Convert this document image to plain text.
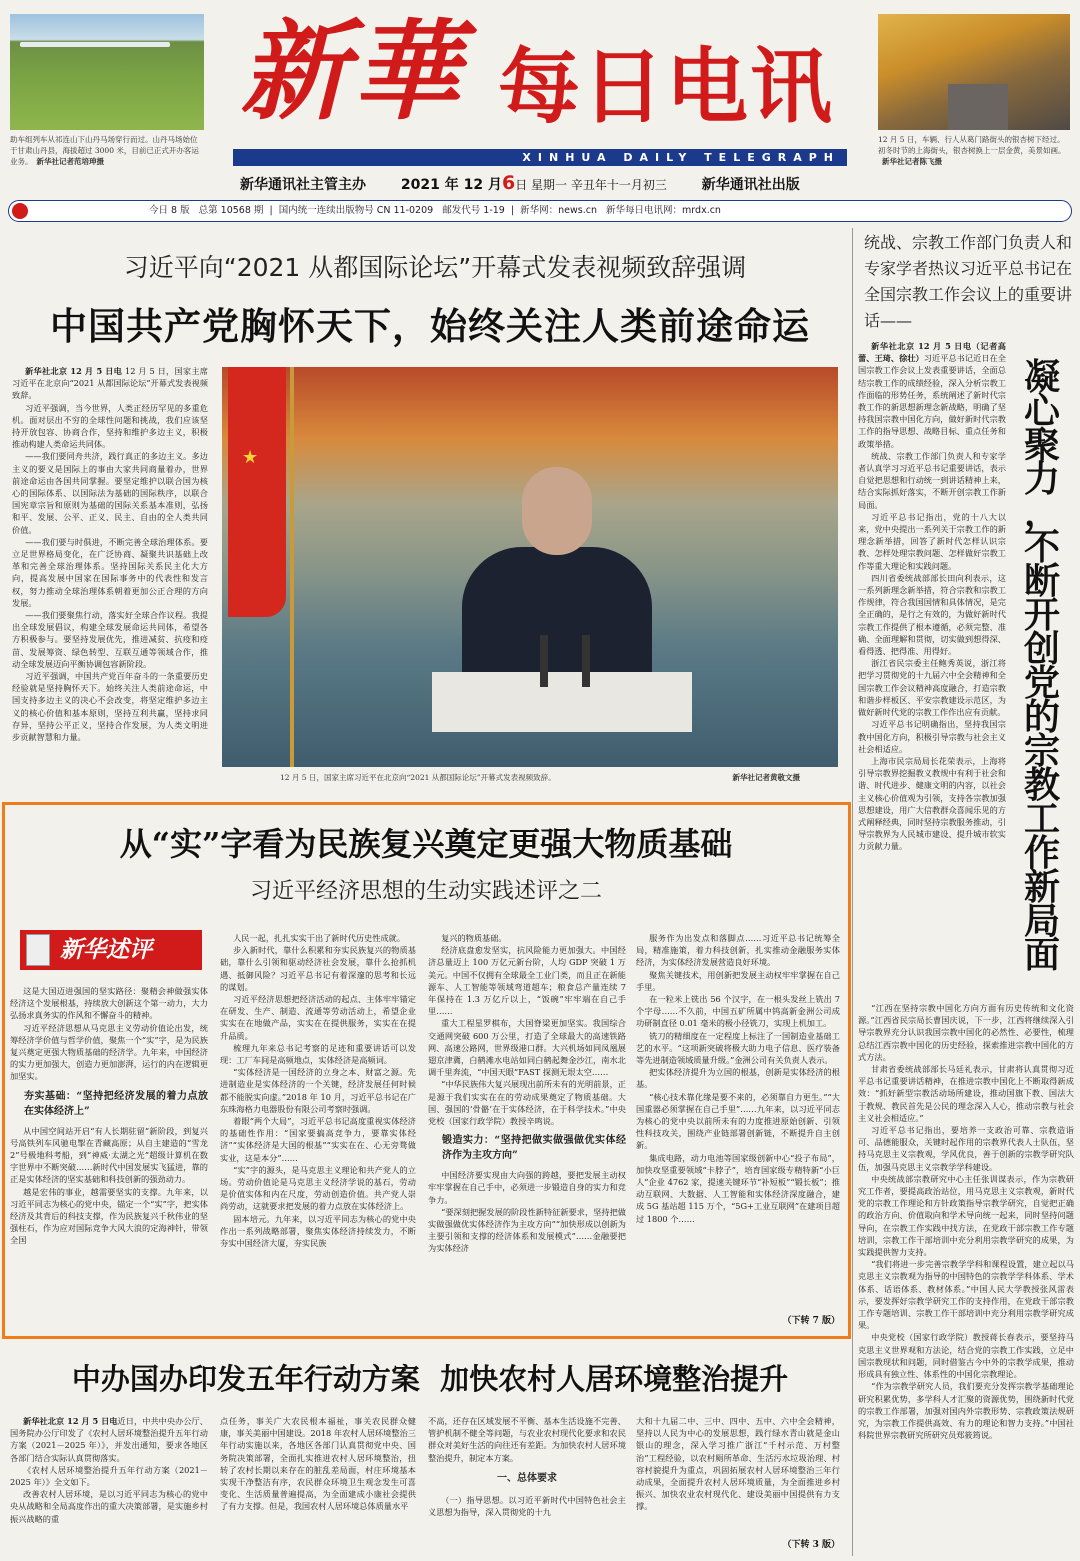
助车组列车从祁连山下山丹马场穿行而过。山丹马场始位于甘肃山丹县，海拔超过 3000 米，目前已正式开办客运业务。 新华社记者范培珅摄
新 華 每日电讯
XINHUA DAILY TELEGRAPH
新华通讯社主管主办 2021 年 12 月6日 星期一 辛丑年十一月初三 新华通讯社出版
12 月 5 日，车辆、行人从葛门路街头的银杏树下经过。初冬时节的上海街头，银杏树换上一层金黄，美景如画。新华社记者陈飞摄
今日 8 版 总第 10568 期  |  国内统一连续出版物号 CN 11-0209 邮发代号 1-19  |  新华网：news.cn 新华每日电讯网：mrdx.cn
习近平向“2021 从都国际论坛”开幕式发表视频致辞强调
中国共产党胸怀天下，始终关注人类前途命运

新华社北京 12 月 5 日电 12 月 5 日，国家主席习近平在北京向“2021 从都国际论坛”开幕式发表视频致辞。

习近平强调，当今世界，人类正经历罕见的多重危机。面对层出不穷的全球性问题和挑战，我们应该坚持开放包容、协商合作，坚持和维护多边主义，积极推动构建人类命运共同体。

——我们要同舟共济，践行真正的多边主义。多边主义的要义是国际上的事由大家共同商量着办，世界前途命运由各国共同掌握。要坚定维护以联合国为核心的国际体系、以国际法为基础的国际秩序，以联合国宪章宗旨和原则为基础的国际关系基本准则，弘扬和平、发展、公平、正义、民主、自由的全人类共同价值。

——我们要与时俱进，不断完善全球治理体系。要立足世界格局变化，在广泛协商、凝聚共识基础上改革和完善全球治理体系。坚持国际关系民主化大方向，提高发展中国家在国际事务中的代表性和发言权，努力推动全球治理体系朝着更加公正合理的方向发展。

——我们要聚焦行动，落实好全球合作议程。我提出全球发展倡议，构建全球发展命运共同体，希望各方积极参与。要坚持发展优先，推进减贫、抗疫和疫苗、发展筹资、绿色转型、互联互通等领域合作，推动全球发展迈向平衡协调包容新阶段。

习近平强调，中国共产党百年奋斗的一条重要历史经验就是坚持胸怀天下。始终关注人类前途命运，中国支持多边主义的决心不会改变，将坚定维护多边主义的核心价值和基本原则，坚持互利共赢，坚持求同存异，坚持公平正义，坚持合作发展，为人类文明进步贡献智慧和力量。

★
12 月 5 日，国家主席习近平在北京向“2021 从都国际论坛”开幕式发表视频致辞。	新华社记者黄敬文摄
从“实”字看为民族复兴奠定更强大物质基础
习近平经济思想的生动实践述评之二
新华述评

这是大国迈进强国的坚实路径：聚精会神做强实体经济这个发展根基，持续放大创新这个第一动力，大力弘扬求真务实的作风和不懈奋斗的精神。

习近平经济思想从马克思主义劳动价值论出发，统筹经济学价值与哲学价值，聚焦一个“实”字，是为民族复兴奠定更强大物质基础的经济学。九年来，中国经济的实力更加强大，创造力更加澎湃，运行的内在逻辑更加坚实。

夯实基础：“坚持把经济发展的着力点放在实体经济上”

从中国空间站开启“有人长期驻留”新阶段，到复兴号高铁列车风驰电掣在青藏高原；从自主建造的“雪龙 2”号极地科考船，到“神威·太湖之光”超级计算机在数字世界中不断突破……新时代中国发展实飞猛进，靠的正是实体经济的坚实基础和科技创新的强劲动力。

越是宏伟的事业，越需要坚实的支撑。九年来，以习近平同志为核心的党中央，锚定一个“实”字，把实体经济及其背后的科技支撑，作为民族复兴千秋伟业的坚强柱石，作为应对国际竞争大风大浪的定海神针，带领全国

人民一起，扎扎实实干出了新时代历史性成就。

步入新时代，靠什么积累和夯实民族复兴的物质基础，靠什么引领和驱动经济社会发展，靠什么抢抓机遇、抵御风险？习近平总书记有着深邃的思考和长远的谋划。

习近平经济思想把经济活动的起点、主体牢牢锚定在研发、生产、制造、流通等劳动活动上，希望企业实实在在地做产品，实实在在提供服务，实实在在提升品质。

梳理九年来总书记考察的足迹和重要讲话可以发现：工厂车间是高频地点，实体经济是高频词。

“实体经济是一国经济的立身之本、财富之源。先进制造业是实体经济的一个关键，经济发展任何时候都不能脱实向虚。”2018 年 10 月，习近平总书记在广东珠海格力电器股份有限公司考察时强调。

着眼“两个大局”，习近平总书记高度重视实体经济的基础性作用：“国家要搞高竞争力，要靠实体经济”“实体经济是大国的根基”“实实在在、心无旁骛做实业，这是本分”……

“实”字的源头，是马克思主义理论和共产党人的立场。劳动价值论是马克思主义经济学说的基石，劳动是价值实体和内在尺度，劳动创造价值。共产党人崇尚劳动，这就要求把发展的着力点放在实体经济上。

固本培元。九年来，以习近平同志为核心的党中央作出一系列战略部署，聚焦实体经济持续发力，不断夯实中国经济大厦，夯实民族

复兴的物质基础。

经济底盘愈发坚实，抗风险能力更加强大。中国经济总量迈上 100 万亿元新台阶，人均 GDP 突破 1 万美元。中国不仅拥有全球最全工业门类，而且正在新能源车、人工智能等领域弯道超车；粮食总产量连续 7 年保持在 1.3 万亿斤以上，“饭碗”牢牢端在自己手里……

重大工程星罗棋布，大国脊梁更加坚实。我国综合交通网突破 600 万公里，打造了全球最大的高速铁路网、高速公路网，世界级港口群。大兴机场如同凤凰展翅京津冀，白鹤滩水电站如同白鹤起舞金沙江，南水北调千里奔流，“中国天眼”FAST 探测无垠太空……

“中华民族伟大复兴展现出前所未有的光明前景，正是源于我们实实在在的劳动成果奠定了物质基础。大国、强国的‘骨骼’在于实体经济，在于科学技术。”中央党校（国家行政学院）教授辛鸣说。

锻造实力：“坚持把做实做强做优实体经济作为主攻方向”

中国经济要实现由大向强的跨越，要把发展主动权牢牢掌握在自己手中，必须进一步锻造自身的实力和竞争力。

“要深刻把握发展的阶段性新特征新要求，坚持把做实做强做优实体经济作为主攻方向”“加快形成以创新为主要引领和支撑的经济体系和发展模式”……金融要把为实体经济

服务作为出发点和落脚点……习近平总书记统筹全局，精准施策，着力科技创新，扎实推动金融服务实体经济，为实体经济发展营造良好环境。

聚焦关键技术，用创新把发展主动权牢牢掌握在自己手里。

在一粒米上铣出 56 个汉字，在一根头发丝上铣出 7 个字母……不久前，中国五矿所属中钨高新金洲公司成功研制直径 0.01 毫米的极小径铣刀，实现上机加工。

铣刀的精细度在一定程度上标注了一国制造业基础工艺的水平。“这项新突破将极大助力电子信息、医疗装备等先进制造领域质量升级。”金洲公司有关负责人表示。

把实体经济提升为立国的根基，创新是实体经济的根基。

“核心技术靠化缘是要不来的，必须靠自力更生。”“大国重器必须掌握在自己手里”……九年来，以习近平同志为核心的党中央以前所未有的力度推进原始创新、引领性科技攻关，围绕产业链部署创新链，不断提升自主创新。

集成电路，动力电池等国家级创新中心“投子布局”，加快攻坚重要领域“卡脖子”，培育国家级专精特新“小巨人”企业 4762 家，提速关键环节“补短板”“锻长板”；推动互联网、大数据、人工智能和实体经济深度融合，建成 5G 基站超 115 万个，“5G+工业互联网”在建项目超过 1800 个……

（下转 7 版）
中办国办印发五年行动方案  加快农村人居环境整治提升

新华社北京 12 月 5 日电近日，中共中央办公厅、国务院办公厅印发了《农村人居环境整治提升五年行动方案（2021－2025 年）》，并发出通知，要求各地区各部门结合实际认真贯彻落实。

《农村人居环境整治提升五年行动方案（2021－2025 年）》全文如下。

改善农村人居环境，是以习近平同志为核心的党中央从战略和全局高度作出的重大决策部署，是实施乡村振兴战略的重

点任务，事关广大农民根本福祉，事关农民群众健康，事关美丽中国建设。2018 年农村人居环境整治三年行动实施以来，各地区各部门认真贯彻党中央、国务院决策部署，全面扎实推进农村人居环境整治，扭转了农村长期以来存在的脏乱差局面，村庄环境基本实现干净整洁有序，农民群众环境卫生观念发生可喜变化、生活质量普遍提高，为全面建成小康社会提供了有力支撑。但是，我国农村人居环境总体质量水平

不高，还存在区域发展不平衡、基本生活设施不完善、管护机制不健全等问题，与农业农村现代化要求和农民群众对美好生活的向往还有差距。为加快农村人居环境整治提升，制定本方案。

一、总体要求

（一）指导思想。以习近平新时代中国特色社会主义思想为指导，深入贯彻党的十九

大和十九届二中、三中、四中、五中、六中全会精神，坚持以人民为中心的发展思想，践行绿水青山就是金山银山的理念，深入学习推广浙江“千村示范、万村整治”工程经验，以农村厕所革命、生活污水垃圾治理、村容村貌提升为重点，巩固拓展农村人居环境整治三年行动成果，全面提升农村人居环境质量，为全面推进乡村振兴、加快农业农村现代化、建设美丽中国提供有力支撑。

（下转 3 版）
统战、宗教工作部门负责人和专家学者热议习近平总书记在全国宗教工作会议上的重要讲话——
凝
心
聚
力
，
不
断
开
创
党
的
宗
教
工
作
新
局
面

新华社北京 12 月 5 日电（记者高蕾、王琦、徐壮）习近平总书记近日在全国宗教工作会议上发表重要讲话，全面总结宗教工作的成绩经验，深入分析宗教工作面临的形势任务，系统阐述了新时代宗教工作的新思想新理念新战略，明确了坚持我国宗教中国化方向，做好新时代宗教工作的指导思想、战略目标、重点任务和政策举措。

统战、宗教工作部门负责人和专家学者认真学习习近平总书记重要讲话，表示自觉把思想和行动统一到讲话精神上来，结合实际抓好落实，不断开创宗教工作新局面。

习近平总书记指出，党的十八大以来，党中央提出一系列关于宗教工作的新理念新举措，回答了新时代怎样认识宗教、怎样处理宗教问题、怎样做好宗教工作等重大理论和实践问题。

四川省委统战部部长田向利表示，这一系列新理念新举措，符合宗教和宗教工作规律，符合我国国情和具体情况，是完全正确的，是行之有效的，为做好新时代宗教工作提供了根本遵循，必须完整、准确、全面理解和贯彻，切实做到想得深、看得透、把得准、用得好。

浙江省民宗委主任鲍秀英说，浙江将把学习贯彻党的十九届六中全会精神和全国宗教工作会议精神高度融合，打造宗教和谐步样板区、平安宗教建设示范区，为做好新时代党的宗教工作作出应有贡献。

习近平总书记明确指出，坚持我国宗教中国化方向，积极引导宗教与社会主义社会相适应。

上海市民宗局局长花荣表示，上海将引导宗教界挖掘教义教规中有利于社会和谐、时代进步、健康文明的内容，以社会主义核心价值观为引领，支持各宗教加强思想建设，用广大信教群众喜闻乐见的方式阐释经典，同时坚持宗教服务推动，引导宗教界为人民城市建设、提升城市软实力贡献力量。

“江西在坚持宗教中国化方向方面有历史传统和文化资源。”江西省民宗局长曹国庆说，下一步，江西将继续深入引导宗教界充分认识我国宗教中国化的必然性、必要性，梳理总结江西宗教中国化的历史经验，探索推进宗教中国化的方式方法。

甘肃省委统战部部长马廷礼表示，甘肃将认真贯彻习近平总书记重要讲话精神，在推进宗教中国化上不断取得新成效：“抓好新型宗教活动场所建设，推动国旗下教、国法大于教规、教民首先是公民的理念深入人心，推动宗教与社会主义社会相适应。”

习近平总书记指出，要培养一支政治可靠、宗教造诣可、品德能服众，关键时起作用的宗教界代表人士队伍，坚持马克思主义宗教观，学风优良，善于创新的宗教学研究队伍，加强马克思主义宗教学学科建设。

中央统战部宗教研究中心主任张训谋表示，作为宗教研究工作者，要提高政治站位，用马克思主义宗教观，新时代党的宗教工作理论和方针政策指导宗教学研究，自觉把正确的政治方向、价值取向和学术导向统一起来，同时坚持问题导向，在宗教工作实践中找方法，在党政干部宗教工作专题培训，宗教工作干部培训中充分利用宗教学研究的成果，为实践提供智力支持。

“我们将进一步完善宗教学学科和课程设置，建立起以马克思主义宗教观为指导的中国特色的宗教学学科体系、学术体系、话语体系、教材体系。”中国人民大学教授张风雷表示，要发挥好宗教学研究工作的支持作用，在党政干部宗教工作专题培训、宗教工作干部培训中充分利用宗教学研究成果。

中央党校（国家行政学院）教授蒋长春表示，要坚持马克思主义世界观和方法论，结合党的宗教工作实践，立足中国宗教现状和问题，同时借鉴古今中外的宗教学成果，推动形成具有独立性、体系性的中国化宗教理论。

“作为宗教学研究人员，我们要充分发挥宗教学基础理论研究积累优势，多学科人才汇聚的资源优势，围绕新时代党的宗教工作部署，加强对国内外宗教形势、宗教政策法规研究，为宗教工作提供高效、有力的理论和智力支持。”中国社科院世界宗教研究所研究员郑筱筠说。
